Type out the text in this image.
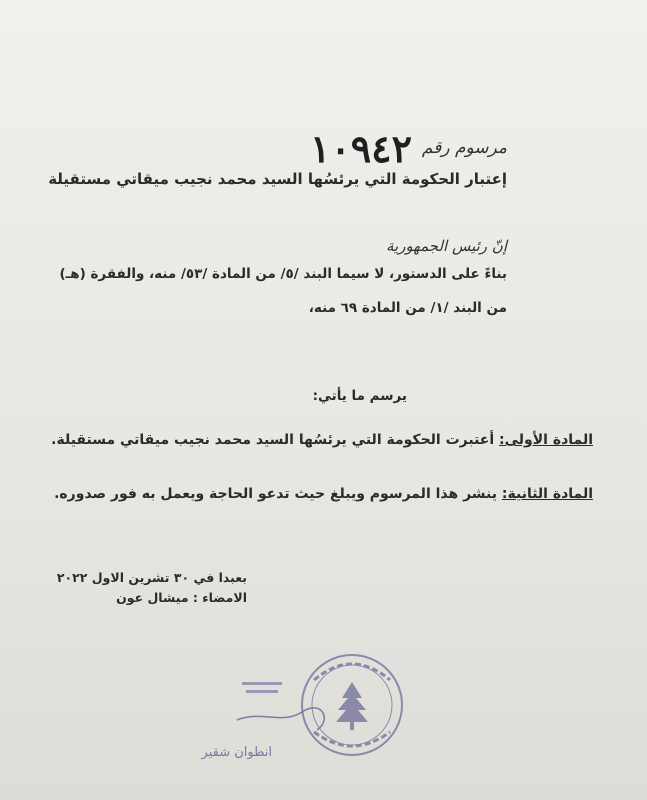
١٠٩٤٢ مرسوم رقم
إعتبار الحكومة التي يرئسُها السيد محمد نجيب ميقاتي مستقيلة
إنّ رئيس الجمهورية
بناءً على الدستور، لا سيما البند /٥/ من المادة /٥٣/ منه، والفقرة (هـ)
من البند /١/ من المادة ٦٩ منه،
يرسم ما يأتي:
المادة الأولى: أعتبرت الحكومة التي يرئسُها السيد محمد نجيب ميقاتي مستقيلة.
المادة الثانية: ينشر هذا المرسوم ويبلغ حيث تدعو الحاجة ويعمل به فور صدوره.
بعبدا في ٣٠ تشرين الاول ٢٠٢٢
الامضاء : ميشال عون
انطوان شقير
